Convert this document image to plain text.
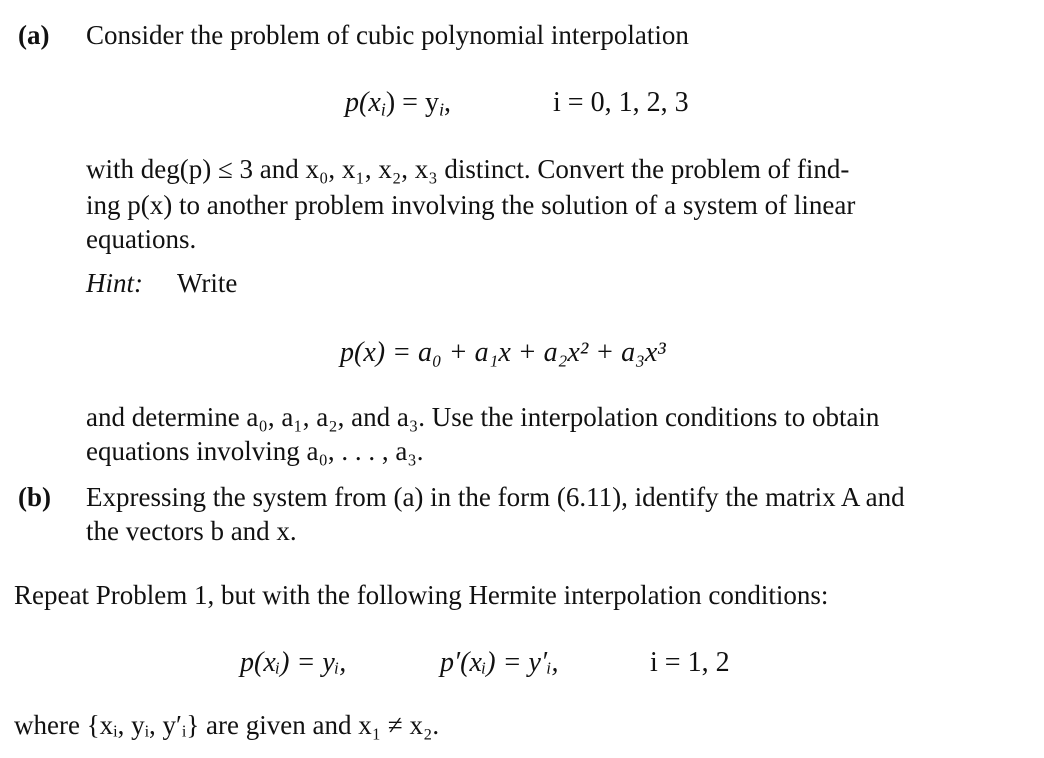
(a) Consider the problem of cubic polynomial interpolation
$p(x_i) = y_i$,	i = 0, 1, 2, 3
with deg(p) ≤ 3 and x₀, x₁, x₂, x₃ distinct. Convert the problem of find-
ing p(x) to another problem involving the solution of a system of linear
equations.
Hint: Write
p(x) = a₀ + a₁x + a₂x² + a₃x³
and determine a₀, a₁, a₂, and a₃. Use the interpolation conditions to obtain
equations involving a₀, . . . , a₃.
(b) Expressing the system from (a) in the form (6.11), identify the matrix A and
the vectors b and x.
Repeat Problem 1, but with the following Hermite interpolation conditions:
p(xᵢ) = yᵢ,	p′(xᵢ) = y′ᵢ,	i = 1, 2
where {xᵢ, yᵢ, y′ᵢ} are given and x₁ ≠ x₂.
